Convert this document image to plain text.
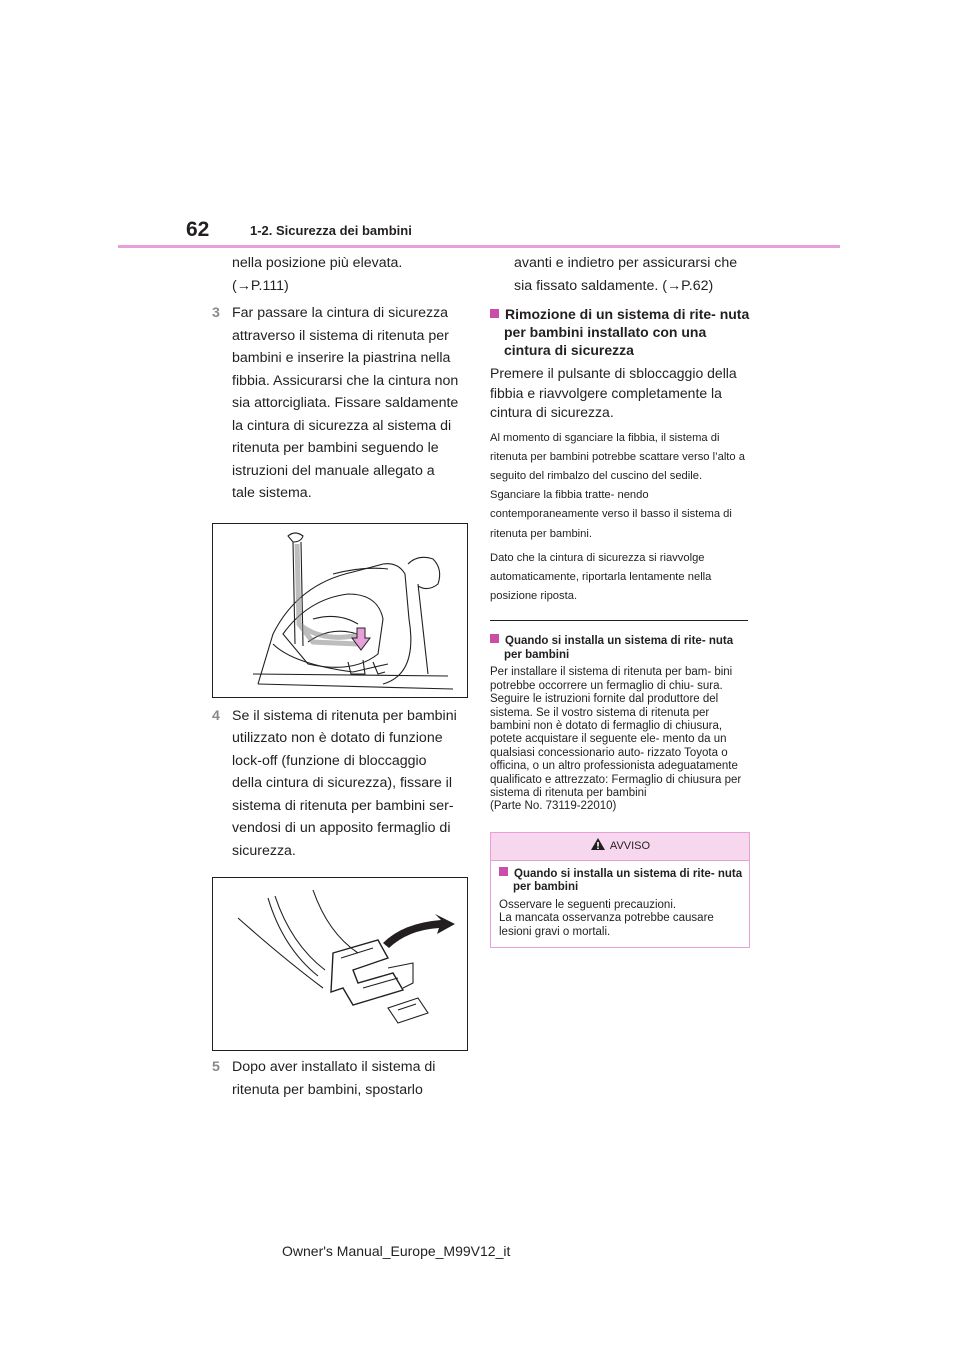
62	1-2. Sicurezza dei bambini
nella posizione più elevata.
(→P.111)
3 Far passare la cintura di sicurezza
attraverso il sistema di ritenuta per
bambini e inserire la piastrina nella
fibbia. Assicurarsi che la cintura non
sia attorcigliata. Fissare saldamente
la cintura di sicurezza al sistema di
ritenuta per bambini seguendo le
istruzioni del manuale allegato a
tale sistema.
4 Se il sistema di ritenuta per bambini
utilizzato non è dotato di funzione
lock-off (funzione di bloccaggio
della cintura di sicurezza), fissare il
sistema di ritenuta per bambini ser-
vendosi di un apposito fermaglio di
sicurezza.
5 Dopo aver installato il sistema di
ritenuta per bambini, spostarlo
avanti e indietro per assicurarsi che
sia fissato saldamente. (→P.62)
Rimozione di un sistema di rite- nuta per bambini installato con una cintura di sicurezza
Premere il pulsante di sbloccaggio della fibbia e riavvolgere completamente la cintura di sicurezza.
Al momento di sganciare la fibbia, il sistema di ritenuta per bambini potrebbe scattare verso l’alto a seguito del rimbalzo del cuscino del sedile. Sganciare la fibbia tratte- nendo contemporaneamente verso il basso il sistema di ritenuta per bambini.
Dato che la cintura di sicurezza si riavvolge automaticamente, riportarla lentamente nella posizione riposta.
Quando si installa un sistema di rite- nuta per bambini
Per installare il sistema di ritenuta per bam- bini potrebbe occorrere un fermaglio di chiu- sura. Seguire le istruzioni fornite dal produttore del sistema. Se il vostro sistema di ritenuta per bambini non è dotato di fermaglio di chiusura, potete acquistare il seguente ele- mento da un qualsiasi concessionario auto- rizzato Toyota o officina, o un altro professionista adeguatamente qualificato e attrezzato: Fermaglio di chiusura per sistema di ritenuta per bambini
(Parte No. 73119-22010)
AVVISO
Quando si installa un sistema di rite- nuta per bambini
Osservare le seguenti precauzioni.
La mancata osservanza potrebbe causare lesioni gravi o mortali.
Owner's Manual_Europe_M99V12_it
